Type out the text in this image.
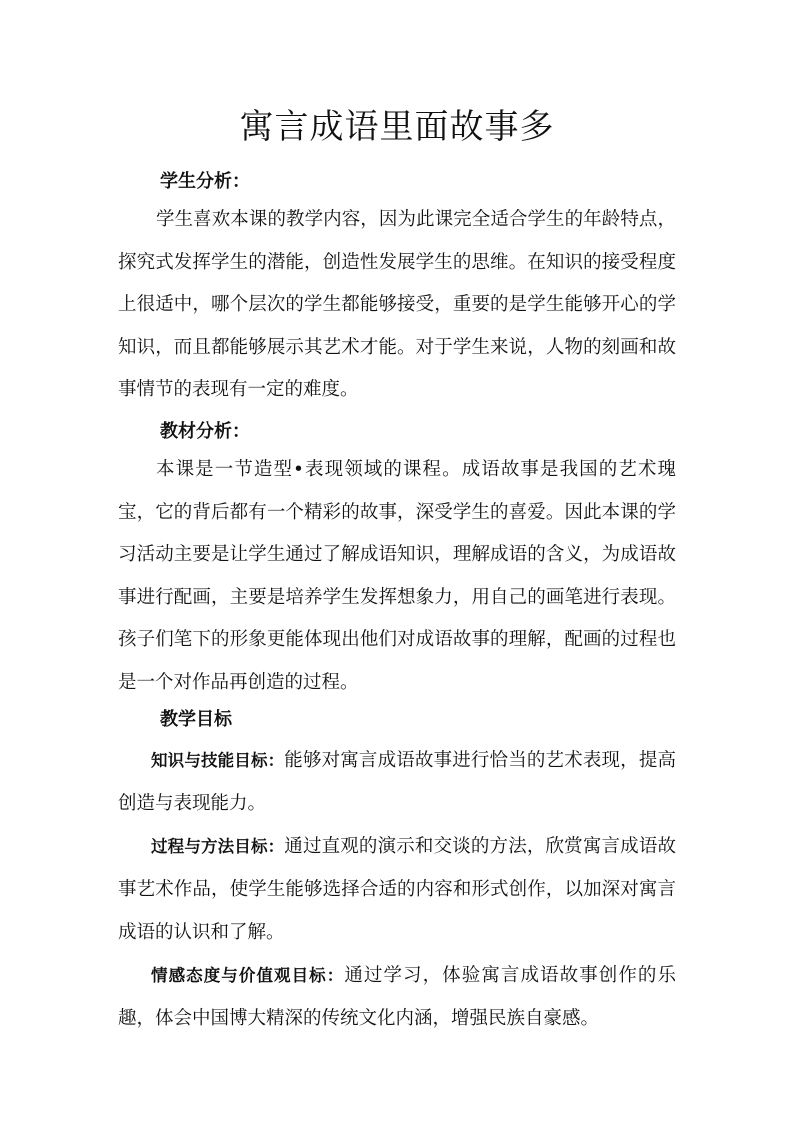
寓言成语里面故事多
学生分析：

学生喜欢本课的教学内容，因为此课完全适合学生的年龄特点，探究式发挥学生的潜能，创造性发展学生的思维。在知识的接受程度上很适中，哪个层次的学生都能够接受，重要的是学生能够开心的学知识，而且都能够展示其艺术才能。对于学生来说，人物的刻画和故事情节的表现有一定的难度。

教材分析：

本课是一节造型•表现领域的课程。成语故事是我国的艺术瑰宝，它的背后都有一个精彩的故事，深受学生的喜爱。因此本课的学习活动主要是让学生通过了解成语知识，理解成语的含义，为成语故事进行配画，主要是培养学生发挥想象力，用自己的画笔进行表现。孩子们笔下的形象更能体现出他们对成语故事的理解，配画的过程也是一个对作品再创造的过程。

教学目标

知识与技能目标：能够对寓言成语故事进行恰当的艺术表现，提高创造与表现能力。

过程与方法目标：通过直观的演示和交谈的方法，欣赏寓言成语故事艺术作品，使学生能够选择合适的内容和形式创作，以加深对寓言成语的认识和了解。

情感态度与价值观目标：通过学习，体验寓言成语故事创作的乐趣，体会中国博大精深的传统文化内涵，增强民族自豪感。
